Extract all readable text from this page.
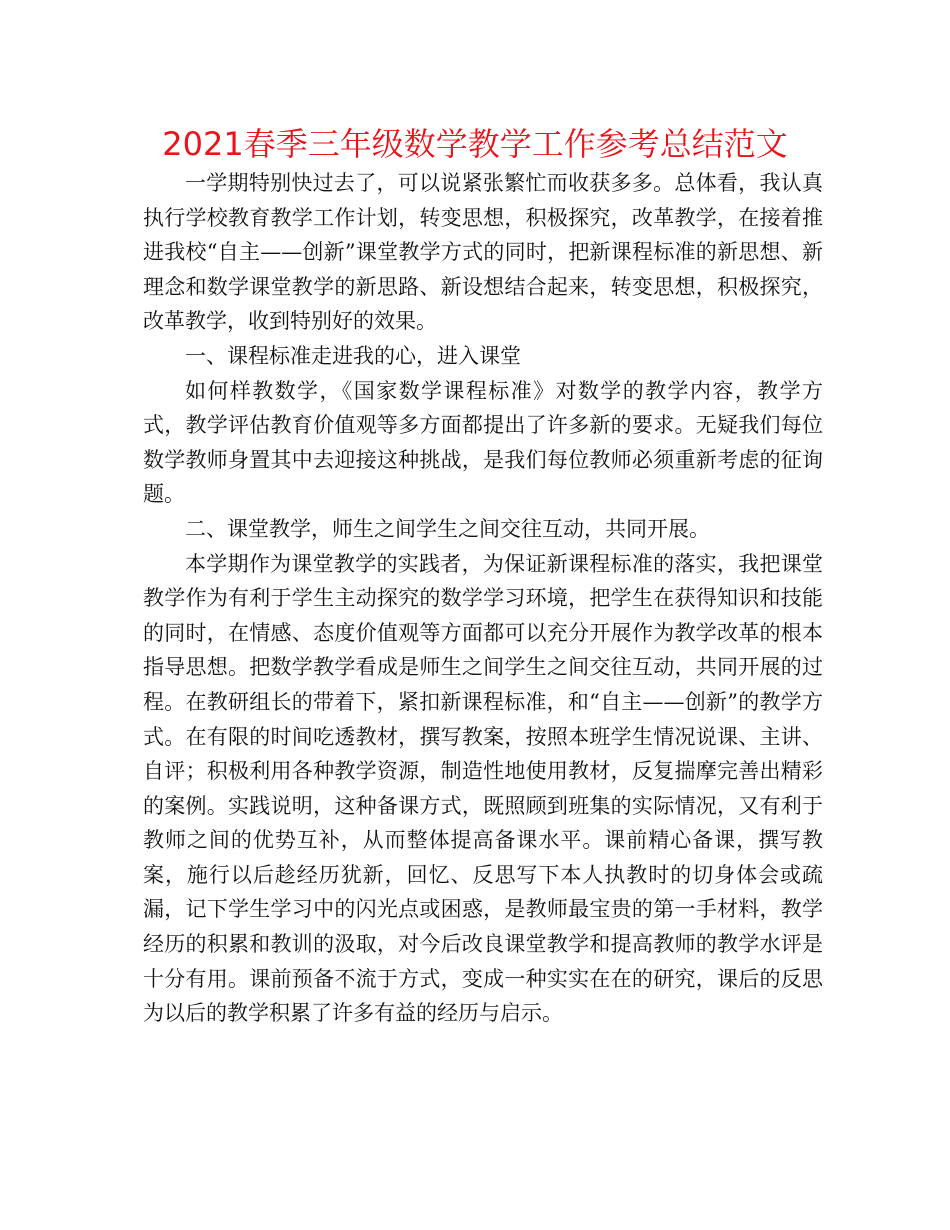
2021春季三年级数学教学工作参考总结范文

一学期特别快过去了，可以说紧张繁忙而收获多多。总体看，我认真执行学校教育教学工作计划，转变思想，积极探究，改革教学，在接着推进我校“自主——创新”课堂教学方式的同时，把新课程标准的新思想、新理念和数学课堂教学的新思路、新设想结合起来，转变思想，积极探究，改革教学，收到特别好的效果。

一、课程标准走进我的心，进入课堂

如何样教数学，《国家数学课程标准》对数学的教学内容，教学方式，教学评估教育价值观等多方面都提出了许多新的要求。无疑我们每位数学教师身置其中去迎接这种挑战，是我们每位教师必须重新考虑的征询题。

二、课堂教学，师生之间学生之间交往互动，共同开展。

本学期作为课堂教学的实践者，为保证新课程标准的落实，我把课堂教学作为有利于学生主动探究的数学学习环境，把学生在获得知识和技能的同时，在情感、态度价值观等方面都可以充分开展作为教学改革的根本指导思想。把数学教学看成是师生之间学生之间交往互动，共同开展的过程。在教研组长的带着下，紧扣新课程标准，和“自主——创新”的教学方式。在有限的时间吃透教材，撰写教案，按照本班学生情况说课、主讲、自评；积极利用各种教学资源，制造性地使用教材，反复揣摩完善出精彩的案例。实践说明，这种备课方式，既照顾到班集的实际情况，又有利于教师之间的优势互补，从而整体提高备课水平。课前精心备课，撰写教案，施行以后趁经历犹新，回忆、反思写下本人执教时的切身体会或疏漏，记下学生学习中的闪光点或困惑，是教师最宝贵的第一手材料，教学经历的积累和教训的汲取，对今后改良课堂教学和提高教师的教学水评是十分有用。课前预备不流于方式，变成一种实实在在的研究，课后的反思为以后的教学积累了许多有益的经历与启示。
